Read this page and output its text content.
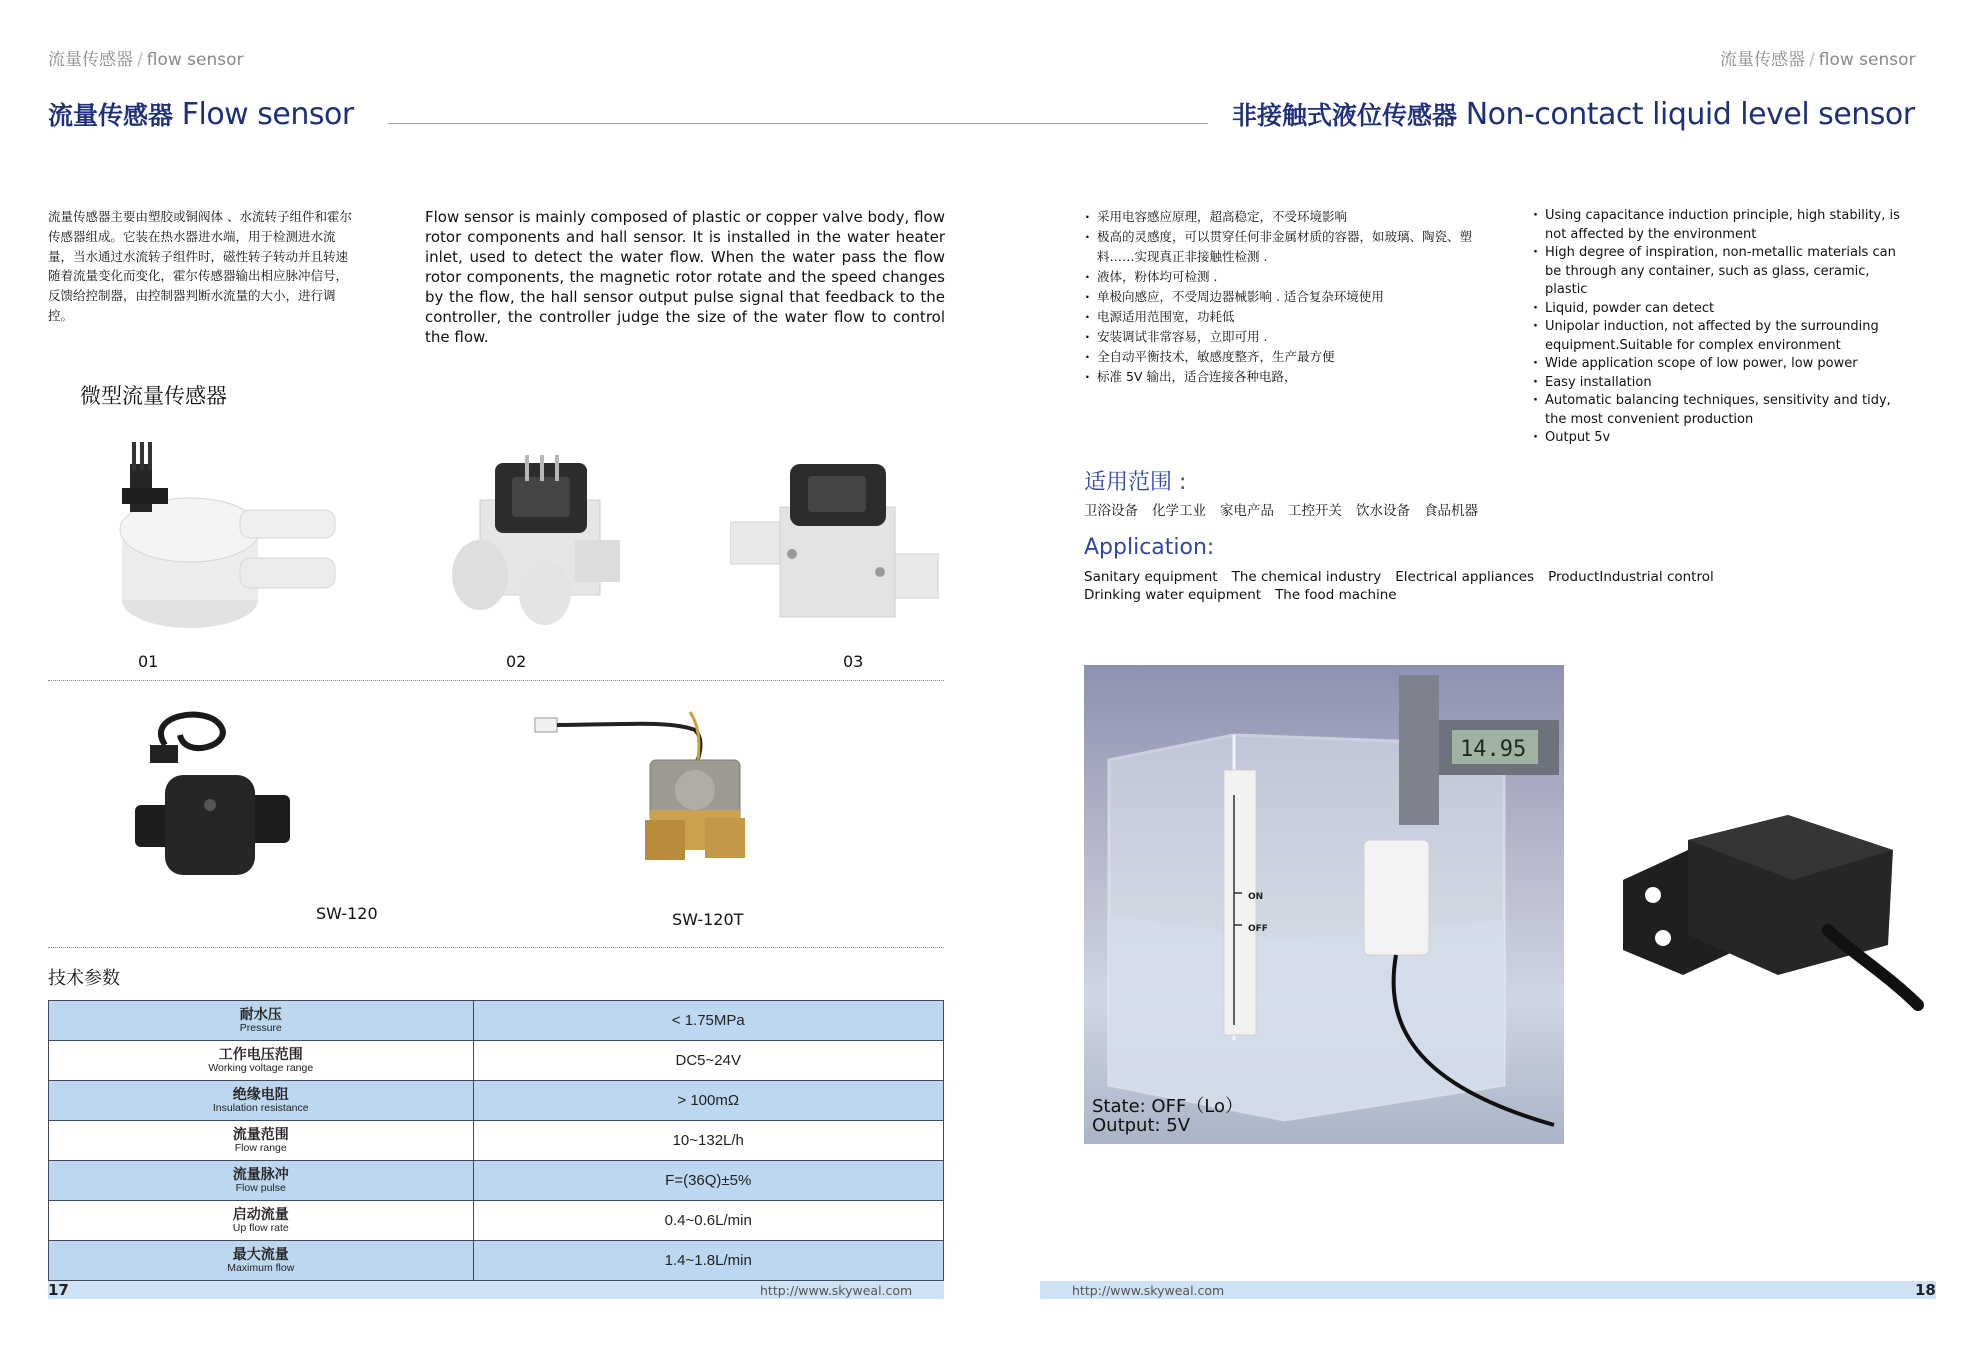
流量传感器 / flow sensor
流量传感器 Flow sensor
流量传感器主要由塑胶或铜阀体 、水流转子组件和霍尔传感器组成。它装在热水器进水端，用于检测进水流量，当水通过水流转子组件时，磁性转子转动并且转速随着流量变化而变化，霍尔传感器输出相应脉冲信号，反馈给控制器，由控制器判断水流量的大小，进行调控。
Flow sensor is mainly composed of plastic or copper valve body, flow rotor components and hall sensor. It is installed in the water heater inlet, used to detect the water flow. When the water pass the flow rotor components, the magnetic rotor rotate and the speed changes by the flow, the hall sensor output pulse signal that feedback to the controller, the controller judge the size of the water flow to control the flow.
微型流量传感器
01	02	03
SW-120	SW-120T
技术参数
耐水压
Pressure	< 1.75MPa

工作电压范围
Working voltage range	DC5~24V

绝缘电阻
Insulation resistance	> 100mΩ

流量范围
Flow range	10~132L/h

流量脉冲
Flow pulse	F=(36Q)±5%

启动流量
Up flow rate	0.4~0.6L/min

最大流量
Maximum flow	1.4~1.8L/min
17	http://www.skyweal.com
流量传感器 / flow sensor
非接触式液位传感器 Non-contact liquid level sensor
· 采用电容感应原理，超高稳定，不受环境影响
· 极高的灵感度，可以贯穿任何非金属材质的容器，如玻璃、陶瓷、塑料……实现真正非接触性检测 .
· 液体，粉体均可检测 .
· 单极向感应，不受周边器械影响 . 适合复杂环境使用
· 电源适用范围宽，功耗低
· 安装调试非常容易，立即可用 .
· 全自动平衡技术，敏感度整齐，生产最方便
· 标准 5V 输出，适合连接各种电路，
· Using capacitance induction principle, high stability, is not affected by the environment
· High degree of inspiration, non-metallic materials can be through any container, such as glass, ceramic, plastic
· Liquid, powder can detect
· Unipolar induction, not affected by the surrounding equipment.Suitable for complex environment
· Wide application scope of low power, low power
· Easy installation
· Automatic balancing techniques, sensitivity and tidy, the most convenient production
· Output 5v
适用范围 :
卫浴设备 化学工业 家电产品 工控开关 饮水设备 食品机器
Application:
Sanitary equipment The chemical industry Electrical appliances ProductIndustrial control
Drinking water equipment The food machine
ON
OFF
14.95
State: OFF（Lo）
Output: 5V
http://www.skyweal.com	18
